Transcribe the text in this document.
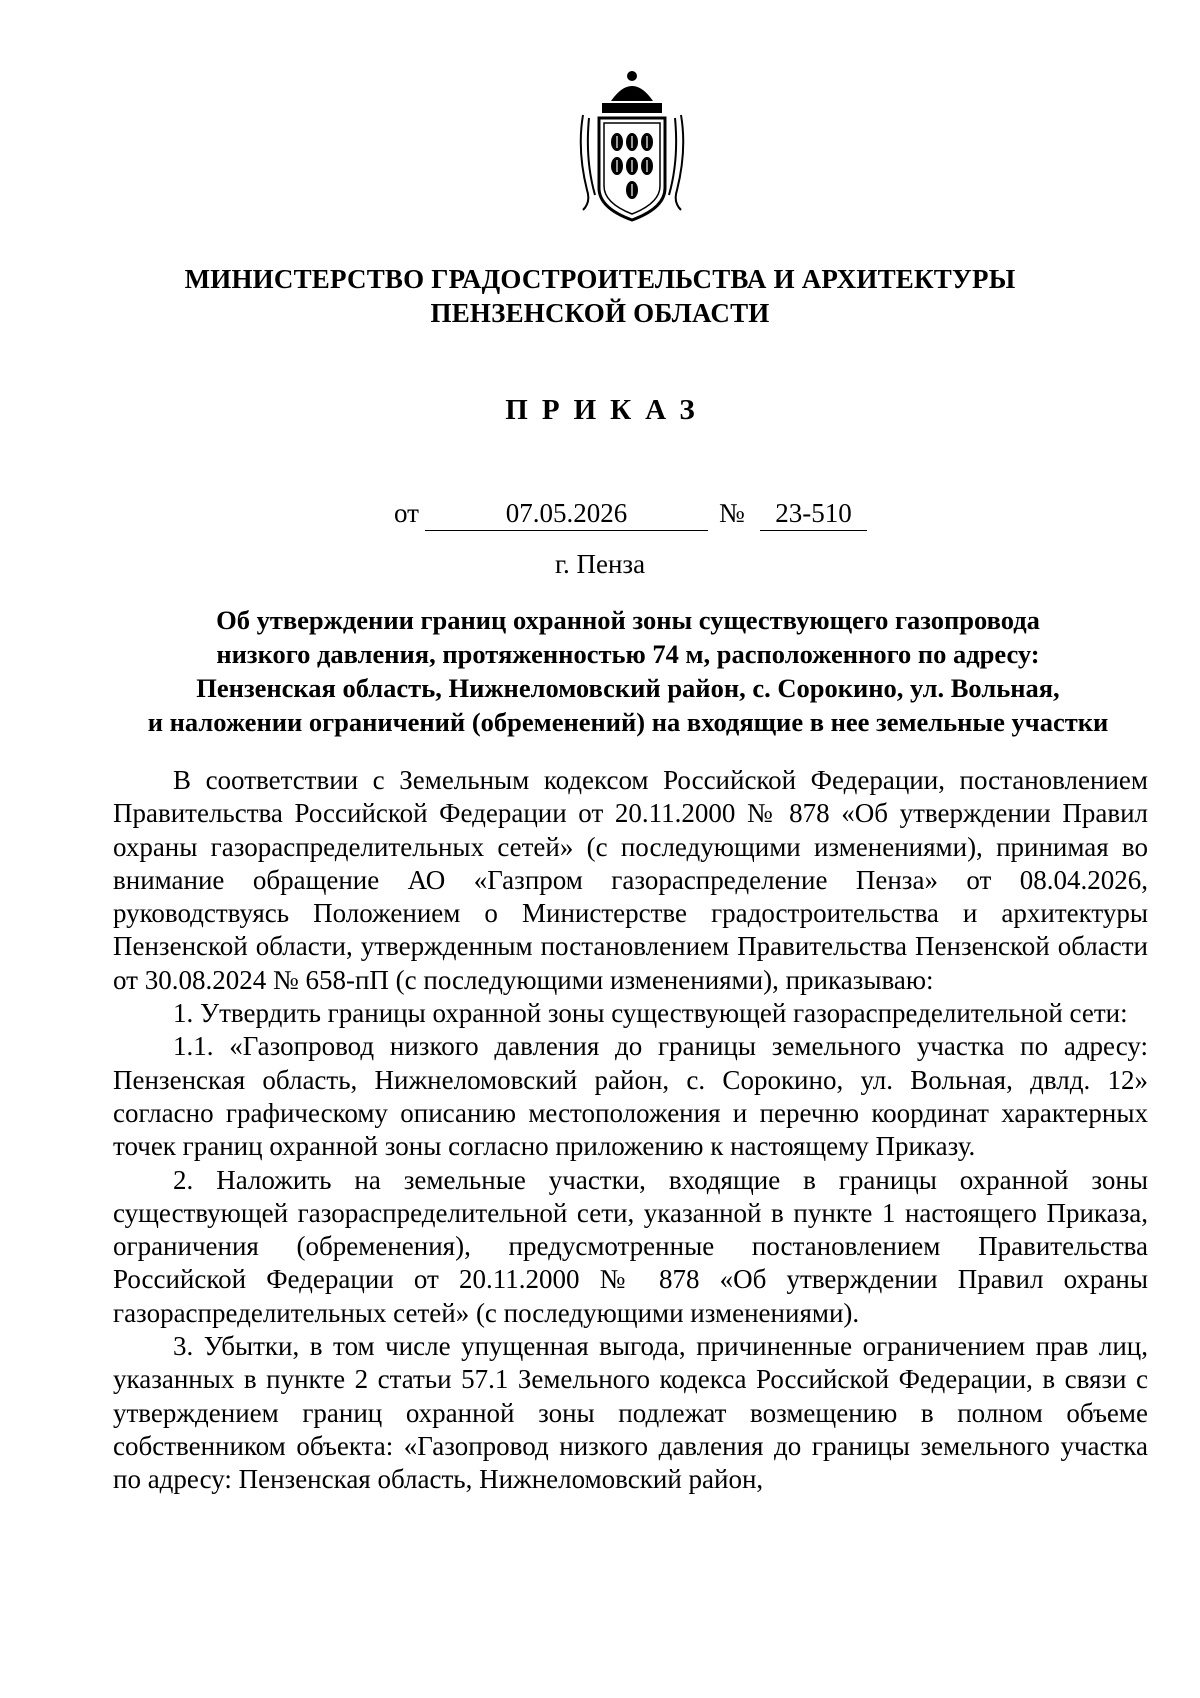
МИНИСТЕРСТВО ГРАДОСТРОИТЕЛЬСТВА И АРХИТЕКТУРЫ
ПЕНЗЕНСКОЙ ОБЛАСТИ
ПРИКАЗ
от	07.05.2026	№	23-510
г. Пенза
Об утверждении границ охранной зоны существующего газопровода
низкого давления, протяженностью 74 м, расположенного по адресу:
Пензенская область, Нижнеломовский район, с. Сорокино, ул. Вольная,
и наложении ограничений (обременений) на входящие в нее земельные участки

В соответствии с Земельным кодексом Российской Федерации, постановлением Правительства Российской Федерации от 20.11.2000 № 878 «Об утверждении Правил охраны газораспределительных сетей» (с последующими изменениями), принимая во внимание обращение АО «Газпром газораспределение Пенза» от 08.04.2026, руководствуясь Положением о Министерстве градостроительства и архитектуры Пензенской области, утвержденным постановлением Правительства Пензенской области от 30.08.2024 № 658-пП (с последующими изменениями), приказываю:

1. Утвердить границы охранной зоны существующей газораспределительной сети:

1.1. «Газопровод низкого давления до границы земельного участка по адресу: Пензенская область, Нижнеломовский район, с. Сорокино, ул. Вольная, двлд. 12» согласно графическому описанию местоположения и перечню координат характерных точек границ охранной зоны согласно приложению к настоящему Приказу.

2. Наложить на земельные участки, входящие в границы охранной зоны существующей газораспределительной сети, указанной в пункте 1 настоящего Приказа, ограничения (обременения), предусмотренные постановлением Правительства Российской Федерации от 20.11.2000 № 878 «Об утверждении Правил охраны газораспределительных сетей» (с последующими изменениями).

3. Убытки, в том числе упущенная выгода, причиненные ограничением прав лиц, указанных в пункте 2 статьи 57.1 Земельного кодекса Российской Федерации, в связи с утверждением границ охранной зоны подлежат возмещению в полном объеме собственником объекта: «Газопровод низкого давления до границы земельного участка по адресу: Пензенская область, Нижнеломовский район,
